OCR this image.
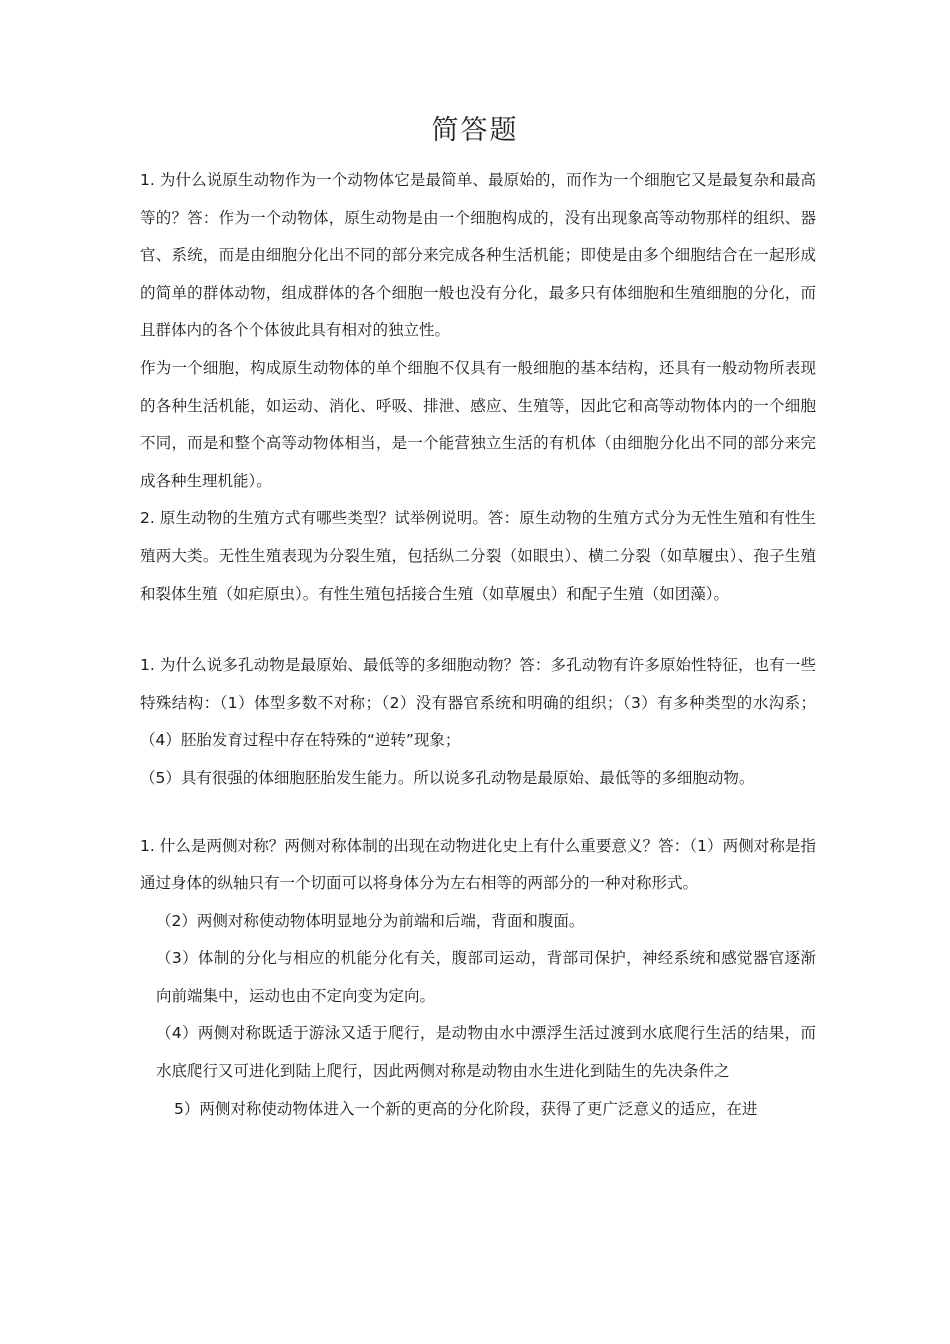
简答题

1. 为什么说原生动物作为一个动物体它是最简单、最原始的，而作为一个细胞它又是最复杂和最高等的？答：作为一个动物体，原生动物是由一个细胞构成的，没有出现象高等动物那样的组织、器官、系统，而是由细胞分化出不同的部分来完成各种生活机能；即使是由多个细胞结合在一起形成的简单的群体动物，组成群体的各个细胞一般也没有分化，最多只有体细胞和生殖细胞的分化，而且群体内的各个个体彼此具有相对的独立性。

作为一个细胞，构成原生动物体的单个细胞不仅具有一般细胞的基本结构，还具有一般动物所表现的各种生活机能，如运动、消化、呼吸、排泄、感应、生殖等，因此它和高等动物体内的一个细胞不同，而是和整个高等动物体相当，是一个能营独立生活的有机体（由细胞分化出不同的部分来完成各种生理机能）。

2. 原生动物的生殖方式有哪些类型？试举例说明。答：原生动物的生殖方式分为无性生殖和有性生殖两大类。无性生殖表现为分裂生殖，包括纵二分裂（如眼虫）、横二分裂（如草履虫）、孢子生殖和裂体生殖（如疟原虫）。有性生殖包括接合生殖（如草履虫）和配子生殖（如团藻）。

1. 为什么说多孔动物是最原始、最低等的多细胞动物？答：多孔动物有许多原始性特征，也有一些特殊结构：（1）体型多数不对称；（2）没有器官系统和明确的组织；（3）有多种类型的水沟系；（4）胚胎发育过程中存在特殊的“逆转”现象；

（5）具有很强的体细胞胚胎发生能力。所以说多孔动物是最原始、最低等的多细胞动物。

1. 什么是两侧对称？两侧对称体制的出现在动物进化史上有什么重要意义？答：（1）两侧对称是指通过身体的纵轴只有一个切面可以将身体分为左右相等的两部分的一种对称形式。

（2）两侧对称使动物体明显地分为前端和后端，背面和腹面。

（3）体制的分化与相应的机能分化有关，腹部司运动，背部司保护，神经系统和感觉器官逐渐向前端集中，运动也由不定向变为定向。

（4）两侧对称既适于游泳又适于爬行，是动物由水中漂浮生活过渡到水底爬行生活的结果，而水底爬行又可进化到陆上爬行，因此两侧对称是动物由水生进化到陆生的先决条件之

5）两侧对称使动物体进入一个新的更高的分化阶段，获得了更广泛意义的适应，在进
